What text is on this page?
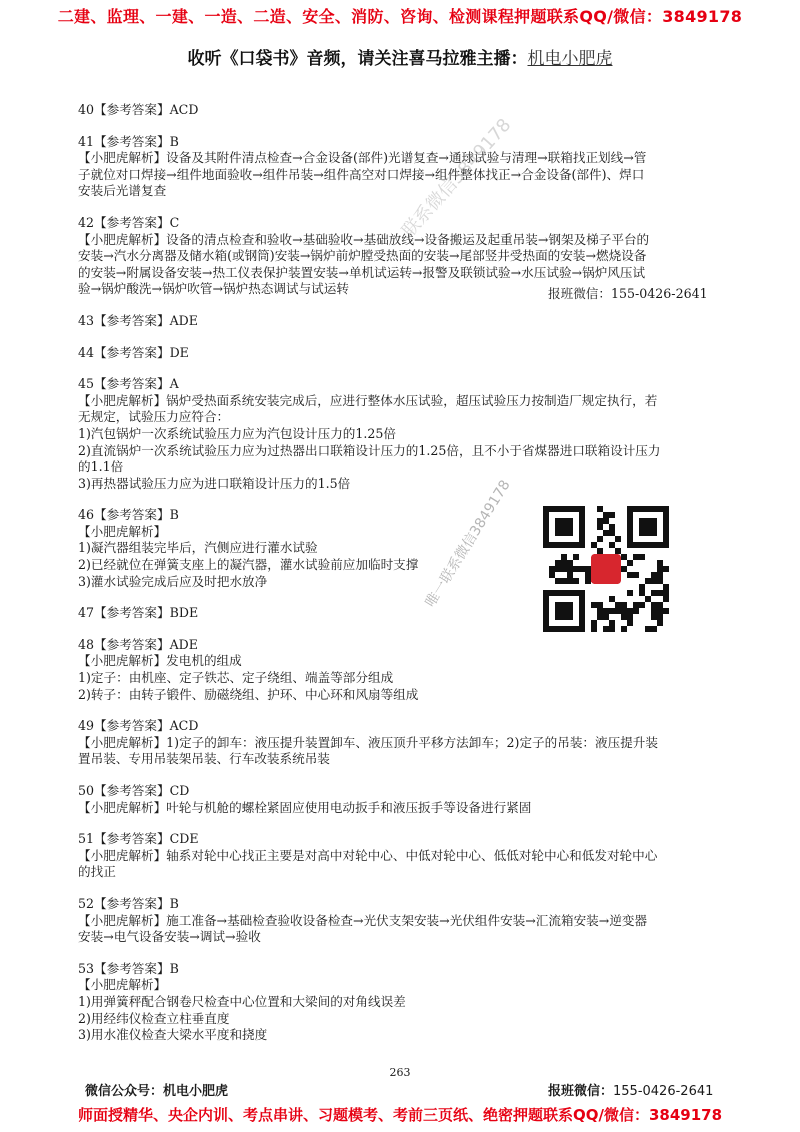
二建、监理、一建、一造、二造、安全、消防、咨询、检测课程押题联系QQ/微信：3849178
收听《口袋书》音频，请关注喜马拉雅主播：机电小肥虎
40【参考答案】ACD
41【参考答案】B
【小肥虎解析】设备及其附件清点检查→合金设备(部件)光谱复查→通球试验与清理→联箱找正划线→管
子就位对口焊接→组件地面验收→组件吊装→组件高空对口焊接→组件整体找正→合金设备(部件)、焊口
安装后光谱复查
42【参考答案】C
【小肥虎解析】设备的清点检查和验收→基础验收→基础放线→设备搬运及起重吊装→钢架及梯子平台的
安装→汽水分离器及储水箱(或钢筒)安装→锅炉前炉膛受热面的安装→尾部竖井受热面的安装→燃烧设备
的安装→附属设备安装→热工仪表保护装置安装→单机试运转→报警及联锁试验→水压试验→锅炉风压试
验→锅炉酸洗→锅炉吹管→锅炉热态调试与试运转
43【参考答案】ADE
44【参考答案】DE
45【参考答案】A
【小肥虎解析】锅炉受热面系统安装完成后，应进行整体水压试验，超压试验压力按制造厂规定执行，若
无规定，试验压力应符合：
1)汽包锅炉一次系统试验压力应为汽包设计压力的1.25倍
2)直流锅炉一次系统试验压力应为过热器出口联箱设计压力的1.25倍，且不小于省煤器进口联箱设计压力
的1.1倍
3)再热器试验压力应为进口联箱设计压力的1.5倍
46【参考答案】B
【小肥虎解析】
1)凝汽器组装完毕后，汽侧应进行灌水试验
2)已经就位在弹簧支座上的凝汽器，灌水试验前应加临时支撑
3)灌水试验完成后应及时把水放净
47【参考答案】BDE
48【参考答案】ADE
【小肥虎解析】发电机的组成
1)定子：由机座、定子铁芯、定子绕组、端盖等部分组成
2)转子：由转子锻件、励磁绕组、护环、中心环和风扇等组成
49【参考答案】ACD
【小肥虎解析】1)定子的卸车：液压提升装置卸车、液压顶升平移方法卸车；2)定子的吊装：液压提升装
置吊装、专用吊装架吊装、行车改装系统吊装
50【参考答案】CD
【小肥虎解析】叶轮与机舱的螺栓紧固应使用电动扳手和液压扳手等设备进行紧固
51【参考答案】CDE
【小肥虎解析】轴系对轮中心找正主要是对高中对轮中心、中低对轮中心、低低对轮中心和低发对轮中心
的找正
52【参考答案】B
【小肥虎解析】施工准备→基础检查验收设备检查→光伏支架安装→光伏组件安装→汇流箱安装→逆变器
安装→电气设备安装→调试→验收
53【参考答案】B
【小肥虎解析】
1)用弹簧秤配合钢卷尺检查中心位置和大梁间的对角线误差
2)用经纬仪检查立柱垂直度
3)用水准仪检查大梁水平度和挠度
报班微信：155-0426-2641
联系微信3849178
唯一联系微信3849178
263
微信公众号：机电小肥虎	报班微信：155-0426-2641
师面授精华、央企内训、考点串讲、习题模考、考前三页纸、绝密押题联系QQ/微信：3849178
